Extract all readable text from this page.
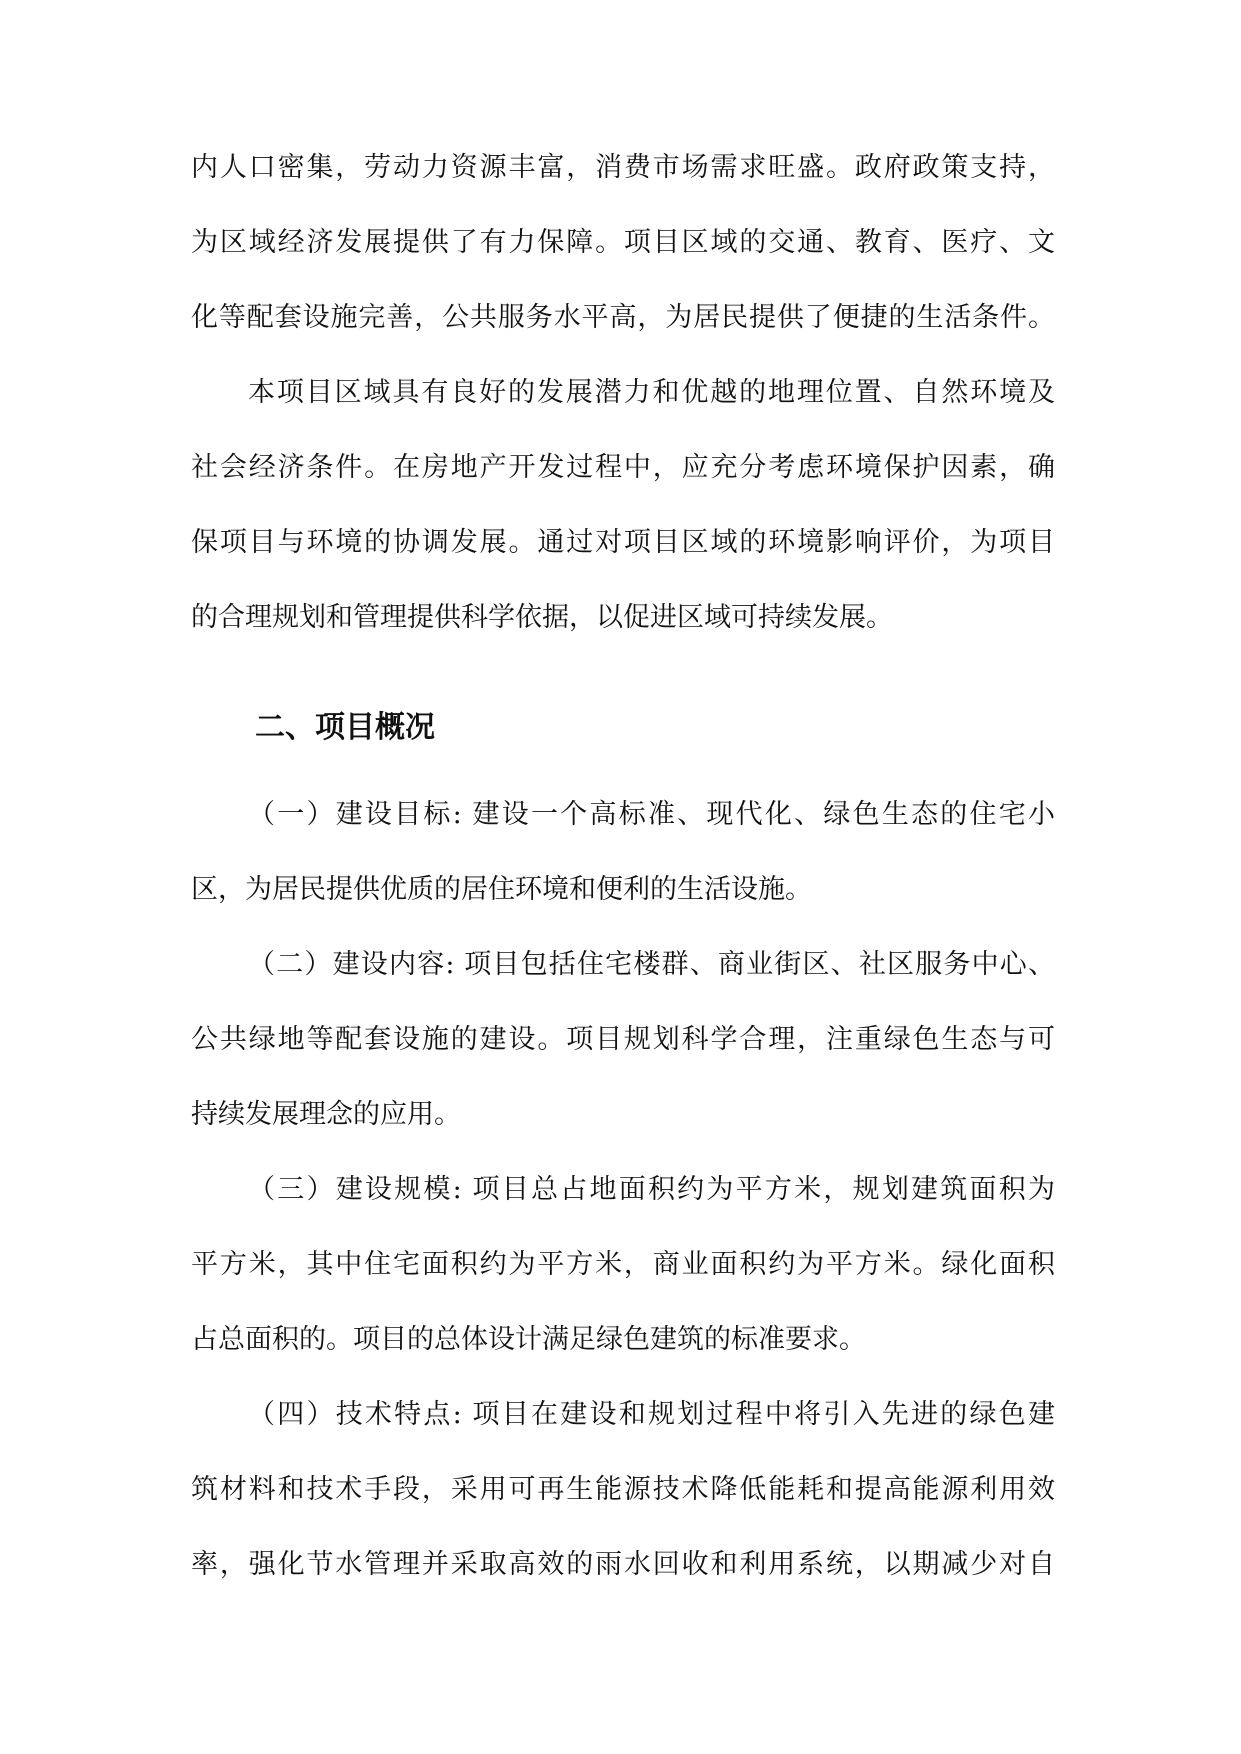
内人口密集，劳动力资源丰富，消费市场需求旺盛。政府政策支持，
为区域经济发展提供了有力保障。项目区域的交通、教育、医疗、文
化等配套设施完善，公共服务水平高，为居民提供了便捷的生活条件。
本项目区域具有良好的发展潜力和优越的地理位置、自然环境及
社会经济条件。在房地产开发过程中，应充分考虑环境保护因素，确
保项目与环境的协调发展。通过对项目区域的环境影响评价，为项目
的合理规划和管理提供科学依据，以促进区域可持续发展。
二、项目概况
（一）建设目标: 建设一个高标准、现代化、绿色生态的住宅小
区，为居民提供优质的居住环境和便利的生活设施。
（二）建设内容: 项目包括住宅楼群、商业街区、社区服务中心、
公共绿地等配套设施的建设。项目规划科学合理，注重绿色生态与可
持续发展理念的应用。
（三）建设规模: 项目总占地面积约为平方米，规划建筑面积为
平方米，其中住宅面积约为平方米，商业面积约为平方米。绿化面积
占总面积的。项目的总体设计满足绿色建筑的标准要求。
（四）技术特点: 项目在建设和规划过程中将引入先进的绿色建
筑材料和技术手段，采用可再生能源技术降低能耗和提高能源利用效
率，强化节水管理并采取高效的雨水回收和利用系统，以期减少对自
